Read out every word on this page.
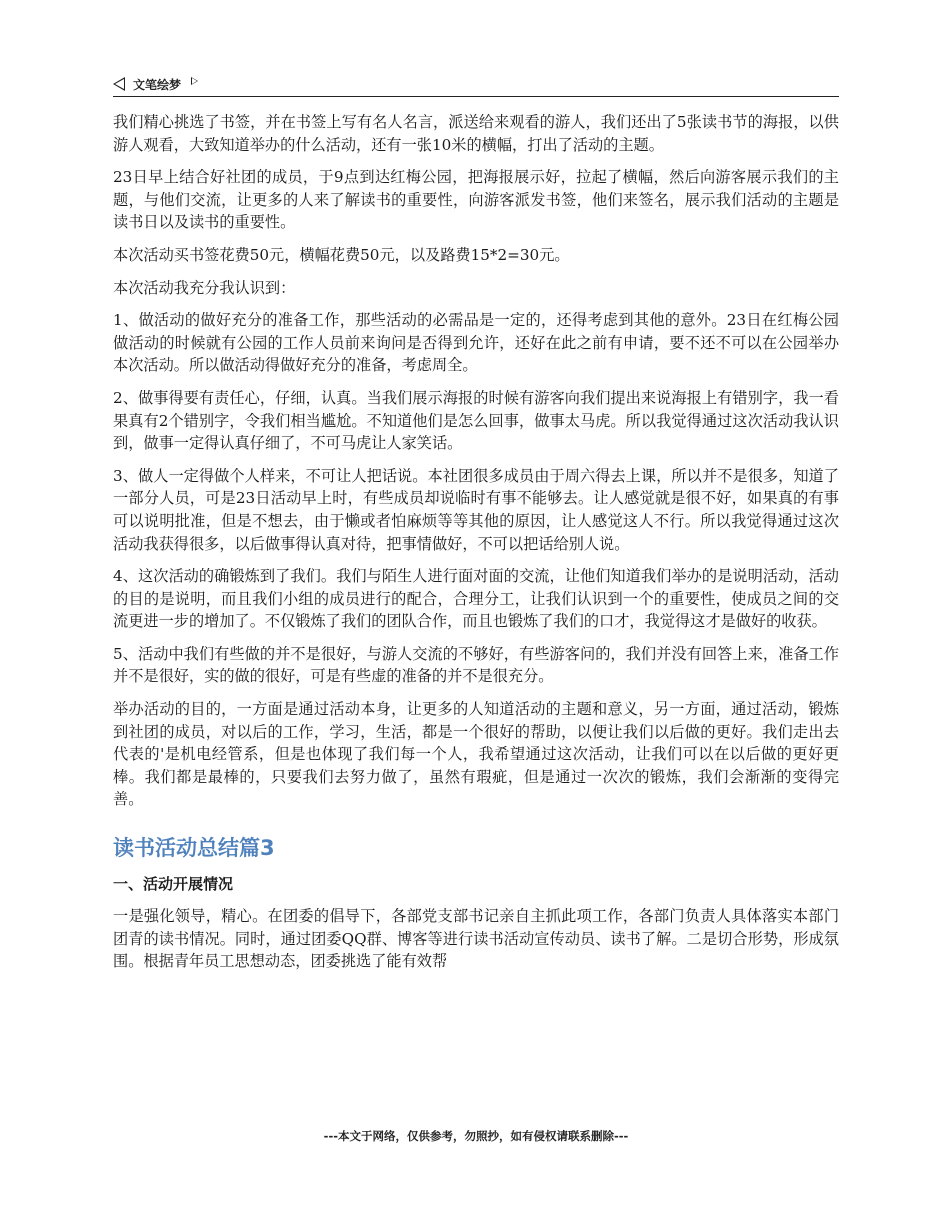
文笔绘梦

我们精心挑选了书签，并在书签上写有名人名言，派送给来观看的游人，我们还出了5张读书节的海报，以供游人观看，大致知道举办的什么活动，还有一张10米的横幅，打出了活动的主题。

23日早上结合好社团的成员，于9点到达红梅公园，把海报展示好，拉起了横幅，然后向游客展示我们的主题，与他们交流，让更多的人来了解读书的重要性，向游客派发书签，他们来签名，展示我们活动的主题是读书日以及读书的重要性。

本次活动买书签花费50元，横幅花费50元，以及路费15*2=30元。

本次活动我充分我认识到：

1、做活动的做好充分的准备工作，那些活动的必需品是一定的，还得考虑到其他的意外。23日在红梅公园做活动的时候就有公园的工作人员前来询问是否得到允许，还好在此之前有申请，要不还不可以在公园举办本次活动。所以做活动得做好充分的准备，考虑周全。

2、做事得要有责任心，仔细，认真。当我们展示海报的时候有游客向我们提出来说海报上有错别字，我一看果真有2个错别字，令我们相当尴尬。不知道他们是怎么回事，做事太马虎。所以我觉得通过这次活动我认识到，做事一定得认真仔细了，不可马虎让人家笑话。

3、做人一定得做个人样来，不可让人把话说。本社团很多成员由于周六得去上课，所以并不是很多，知道了一部分人员，可是23日活动早上时，有些成员却说临时有事不能够去。让人感觉就是很不好，如果真的有事可以说明批准，但是不想去，由于懒或者怕麻烦等等其他的原因，让人感觉这人不行。所以我觉得通过这次活动我获得很多，以后做事得认真对待，把事情做好，不可以把话给别人说。

4、这次活动的确锻炼到了我们。我们与陌生人进行面对面的交流，让他们知道我们举办的是说明活动，活动的目的是说明，而且我们小组的成员进行的配合，合理分工，让我们认识到一个的重要性，使成员之间的交流更进一步的增加了。不仅锻炼了我们的团队合作，而且也锻炼了我们的口才，我觉得这才是做好的收获。

5、活动中我们有些做的并不是很好，与游人交流的不够好，有些游客问的，我们并没有回答上来，准备工作并不是很好，实的做的很好，可是有些虚的准备的并不是很充分。

举办活动的目的，一方面是通过活动本身，让更多的人知道活动的主题和意义，另一方面，通过活动，锻炼到社团的成员，对以后的工作，学习，生活，都是一个很好的帮助，以便让我们以后做的更好。我们走出去代表的'是机电经管系，但是也体现了我们每一个人，我希望通过这次活动，让我们可以在以后做的更好更棒。我们都是最棒的，只要我们去努力做了，虽然有瑕疵，但是通过一次次的锻炼，我们会渐渐的变得完善。

读书活动总结篇3
一、活动开展情况

一是强化领导，精心。在团委的倡导下，各部党支部书记亲自主抓此项工作，各部门负责人具体落实本部门团青的读书情况。同时，通过团委QQ群、博客等进行读书活动宣传动员、读书了解。二是切合形势，形成氛围。根据青年员工思想动态，团委挑选了能有效帮

---本文于网络，仅供参考，勿照抄，如有侵权请联系删除---
